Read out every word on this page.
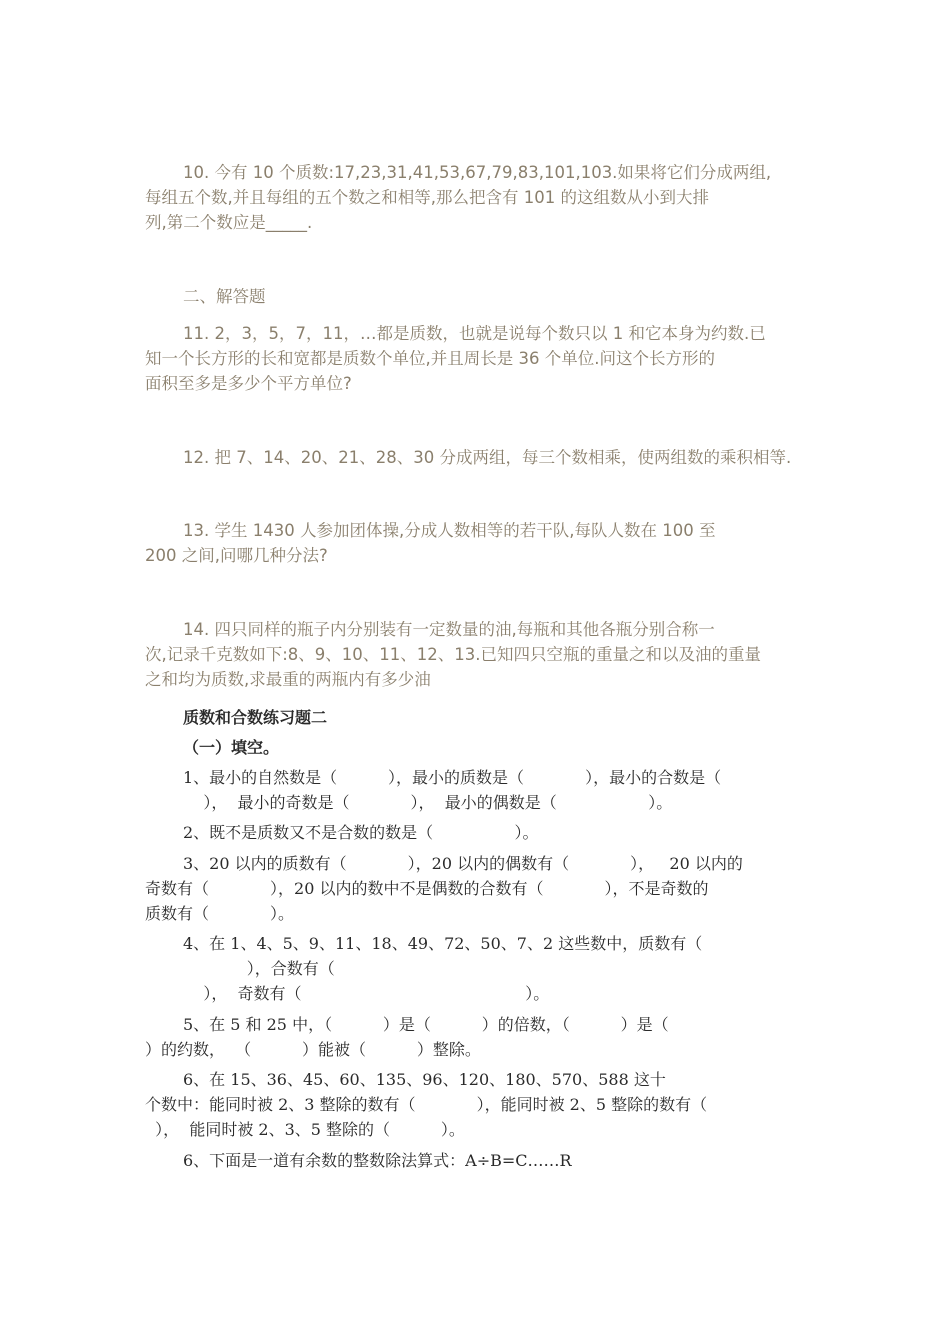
10. 今有 10 个质数:17,23,31,41,53,67,79,83,101,103.如果将它们分成两组,

每组五个数,并且每组的五个数之和相等,那么把含有 101 的这组数从小到大排

列,第二个数应是_____.

二、解答题

11. 2，3，5，7，11，…都是质数，也就是说每个数只以 1 和它本身为约数.已

知一个长方形的长和宽都是质数个单位,并且周长是 36 个单位.问这个长方形的

面积至多是多少个平方单位?

12. 把 7、14、20、21、28、30 分成两组，每三个数相乘，使两组数的乘积相等.

13. 学生 1430 人参加团体操,分成人数相等的若干队,每队人数在 100 至

200 之间,问哪几种分法?

14. 四只同样的瓶子内分别装有一定数量的油,每瓶和其他各瓶分别合称一

次,记录千克数如下:8、9、10、11、12、13.已知四只空瓶的重量之和以及油的重量

之和均为质数,求最重的两瓶内有多少油

质数和合数练习题二

（一）填空。

1、最小的自然数是（          ），最小的质数是（            ），最小的合数是（

），  最小的奇数是（            ），  最小的偶数是（                  ）。

2、既不是质数又不是合数的数是（                ）。

3、20 以内的质数有（            ），20 以内的偶数有（            ），   20 以内的

奇数有（            ），20 以内的数中不是偶数的合数有（            ），不是奇数的

质数有（            ）。

4、在 1、4、5、9、11、18、49、72、50、7、2 这些数中，质数有（

），合数有（

），  奇数有（                                            ）。

5、在 5 和 25 中，（          ）是（          ）的倍数，（          ）是（

）的约数，  （          ）能被（          ）整除。

6、在 15、36、45、60、135、96、120、180、570、588 这十

个数中：能同时被 2、3 整除的数有（            ），能同时被 2、5 整除的数有（

），  能同时被 2、3、5 整除的（          ）。

6、下面是一道有余数的整数除法算式：A÷B=C……R
